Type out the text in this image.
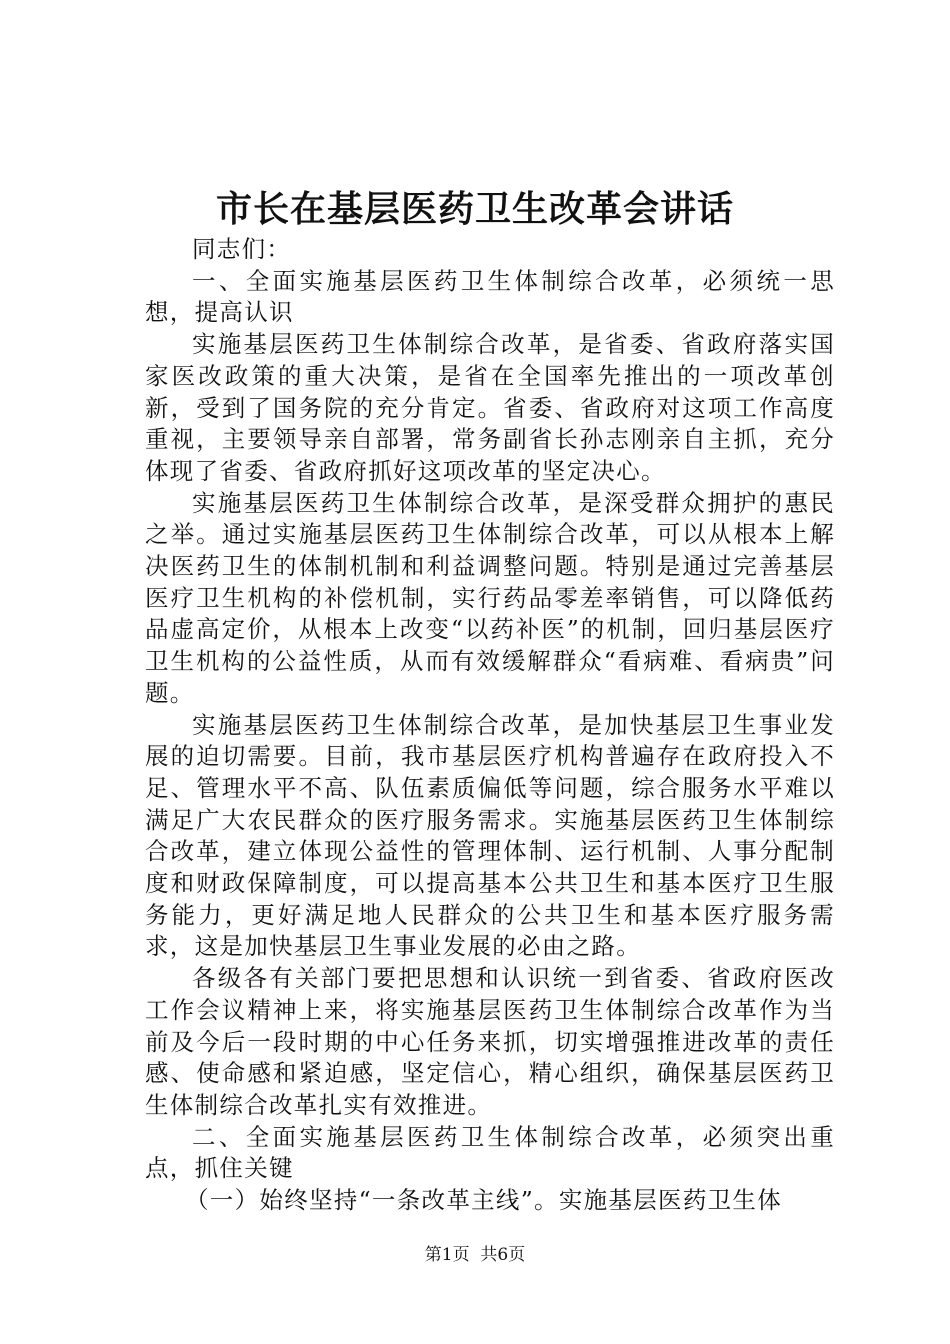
市长在基层医药卫生改革会讲话

同志们：

一、全面实施基层医药卫生体制综合改革，必须统一思想，提高认识

实施基层医药卫生体制综合改革，是省委、省政府落实国家医改政策的重大决策，是省在全国率先推出的一项改革创新，受到了国务院的充分肯定。省委、省政府对这项工作高度重视，主要领导亲自部署，常务副省长孙志刚亲自主抓，充分体现了省委、省政府抓好这项改革的坚定决心。

实施基层医药卫生体制综合改革，是深受群众拥护的惠民之举。通过实施基层医药卫生体制综合改革，可以从根本上解决医药卫生的体制机制和利益调整问题。特别是通过完善基层医疗卫生机构的补偿机制，实行药品零差率销售，可以降低药品虚高定价，从根本上改变“以药补医”的机制，回归基层医疗卫生机构的公益性质，从而有效缓解群众“看病难、看病贵”问题。

实施基层医药卫生体制综合改革，是加快基层卫生事业发展的迫切需要。目前，我市基层医疗机构普遍存在政府投入不足、管理水平不高、队伍素质偏低等问题，综合服务水平难以满足广大农民群众的医疗服务需求。实施基层医药卫生体制综合改革，建立体现公益性的管理体制、运行机制、人事分配制度和财政保障制度，可以提高基本公共卫生和基本医疗卫生服务能力，更好满足地人民群众的公共卫生和基本医疗服务需求，这是加快基层卫生事业发展的必由之路。

各级各有关部门要把思想和认识统一到省委、省政府医改工作会议精神上来，将实施基层医药卫生体制综合改革作为当前及今后一段时期的中心任务来抓，切实增强推进改革的责任感、使命感和紧迫感，坚定信心，精心组织，确保基层医药卫生体制综合改革扎实有效推进。

二、全面实施基层医药卫生体制综合改革，必须突出重点，抓住关键

（一）始终坚持“一条改革主线”。实施基层医药卫生体

第1页  共6页
